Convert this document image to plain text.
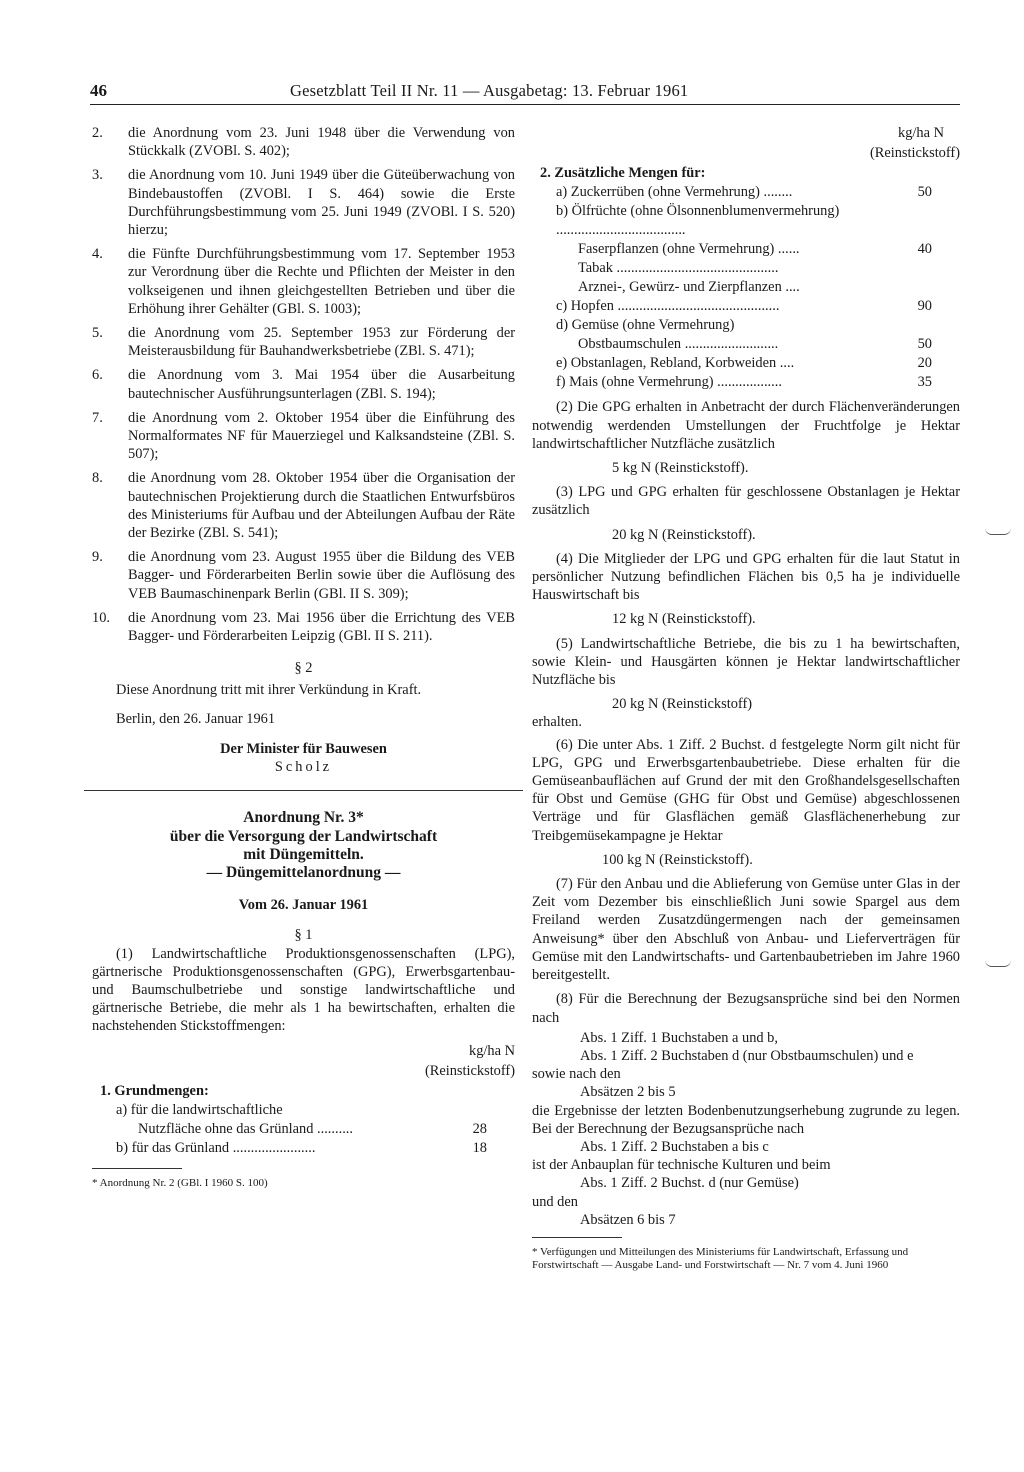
46	Gesetzblatt Teil II Nr. 11 — Ausgabetag: 13. Februar 1961
2.	die Anordnung vom 23. Juni 1948 über die Verwendung von Stückkalk (ZVOBl. S. 402);
3.	die Anordnung vom 10. Juni 1949 über die Güteüberwachung von Bindebaustoffen (ZVOBl. I S. 464) sowie die Erste Durchführungsbestimmung vom 25. Juni 1949 (ZVOBl. I S. 520) hierzu;
4.	die Fünfte Durchführungsbestimmung vom 17. September 1953 zur Verordnung über die Rechte und Pflichten der Meister in den volkseigenen und ihnen gleichgestellten Betrieben und über die Erhöhung ihrer Gehälter (GBl. S. 1003);
5.	die Anordnung vom 25. September 1953 zur Förderung der Meisterausbildung für Bauhandwerksbetriebe (ZBl. S. 471);
6.	die Anordnung vom 3. Mai 1954 über die Ausarbeitung bautechnischer Ausführungsunterlagen (ZBl. S. 194);
7.	die Anordnung vom 2. Oktober 1954 über die Einführung des Normalformates NF für Mauerziegel und Kalksandsteine (ZBl. S. 507);
8.	die Anordnung vom 28. Oktober 1954 über die Organisation der bautechnischen Projektierung durch die Staatlichen Entwurfsbüros des Ministeriums für Aufbau und der Abteilungen Aufbau der Räte der Bezirke (ZBl. S. 541);
9.	die Anordnung vom 23. August 1955 über die Bildung des VEB Bagger- und Förderarbeiten Berlin sowie über die Auflösung des VEB Baumaschinenpark Berlin (GBl. II S. 309);
10.	die Anordnung vom 23. Mai 1956 über die Errichtung des VEB Bagger- und Förderarbeiten Leipzig (GBl. II S. 211).
§ 2
Diese Anordnung tritt mit ihrer Verkündung in Kraft.
Berlin, den 26. Januar 1961
Der Minister für Bauwesen
Scholz
Anordnung Nr. 3*
über die Versorgung der Landwirtschaft
mit Düngemitteln.
— Düngemittelanordnung —
Vom 26. Januar 1961
§ 1
(1) Landwirtschaftliche Produktionsgenossenschaften (LPG), gärtnerische Produktionsgenossenschaften (GPG), Erwerbsgartenbau- und Baumschulbetriebe und sonstige landwirtschaftliche und gärtnerische Betriebe, die mehr als 1 ha bewirtschaften, erhalten die nachstehenden Stickstoffmengen:
kg/ha N
(Reinstickstoff)
1. Grundmengen:	
a) für die landwirtschaftliche	
Nutzfläche ohne das Grünland ..........	28
b) für das Grünland .......................	18
* Anordnung Nr. 2 (GBl. I 1960 S. 100)
kg/ha N
(Reinstickstoff)
2. Zusätzliche Mengen für:	
a) Zuckerrüben (ohne Vermehrung) ........	50
b) Ölfrüchte (ohne Ölsonnenblumenvermehrung) ....................................	
Faserpflanzen (ohne Vermehrung) ......	40
Tabak .............................................	
Arznei-, Gewürz- und Zierpflanzen ....	
c) Hopfen .............................................	90
d) Gemüse (ohne Vermehrung)	
Obstbaumschulen ..........................	50
e) Obstanlagen, Rebland, Korbweiden ....	20
f) Mais (ohne Vermehrung) ..................	35
(2) Die GPG erhalten in Anbetracht der durch Flächenveränderungen notwendig werdenden Umstellungen der Fruchtfolge je Hektar landwirtschaftlicher Nutzfläche zusätzlich
5 kg N (Reinstickstoff).
(3) LPG und GPG erhalten für geschlossene Obstanlagen je Hektar zusätzlich
20 kg N (Reinstickstoff).
(4) Die Mitglieder der LPG und GPG erhalten für die laut Statut in persönlicher Nutzung befindlichen Flächen bis 0,5 ha je individuelle Hauswirtschaft bis
12 kg N (Reinstickstoff).
(5) Landwirtschaftliche Betriebe, die bis zu 1 ha bewirtschaften, sowie Klein- und Hausgärten können je Hektar landwirtschaftlicher Nutzfläche bis
20 kg N (Reinstickstoff)
erhalten.
(6) Die unter Abs. 1 Ziff. 2 Buchst. d festgelegte Norm gilt nicht für LPG, GPG und Erwerbsgartenbaubetriebe. Diese erhalten für die Gemüseanbauflächen auf Grund der mit den Großhandelsgesellschaften für Obst und Gemüse (GHG für Obst und Gemüse) abgeschlossenen Verträge und für Glasflächen gemäß Glasflächenerhebung zur Treibgemüsekampagne je Hektar
100 kg N (Reinstickstoff).
(7) Für den Anbau und die Ablieferung von Gemüse unter Glas in der Zeit vom Dezember bis einschließlich Juni sowie Spargel aus dem Freiland werden Zusatzdüngermengen nach der gemeinsamen Anweisung* über den Abschluß von Anbau- und Lieferverträgen für Gemüse mit den Landwirtschafts- und Gartenbaubetrieben im Jahre 1960 bereitgestellt.
(8) Für die Berechnung der Bezugsansprüche sind bei den Normen nach
Abs. 1 Ziff. 1 Buchstaben a und b,
Abs. 1 Ziff. 2 Buchstaben d (nur Obstbaumschulen) und e
sowie nach den
Absätzen 2 bis 5
die Ergebnisse der letzten Bodenbenutzungserhebung zugrunde zu legen. Bei der Berechnung der Bezugsansprüche nach
Abs. 1 Ziff. 2 Buchstaben a bis c
ist der Anbauplan für technische Kulturen und beim
Abs. 1 Ziff. 2 Buchst. d (nur Gemüse)
und den
Absätzen 6 bis 7
* Verfügungen und Mitteilungen des Ministeriums für Landwirtschaft, Erfassung und Forstwirtschaft — Ausgabe Land- und Forstwirtschaft — Nr. 7 vom 4. Juni 1960
